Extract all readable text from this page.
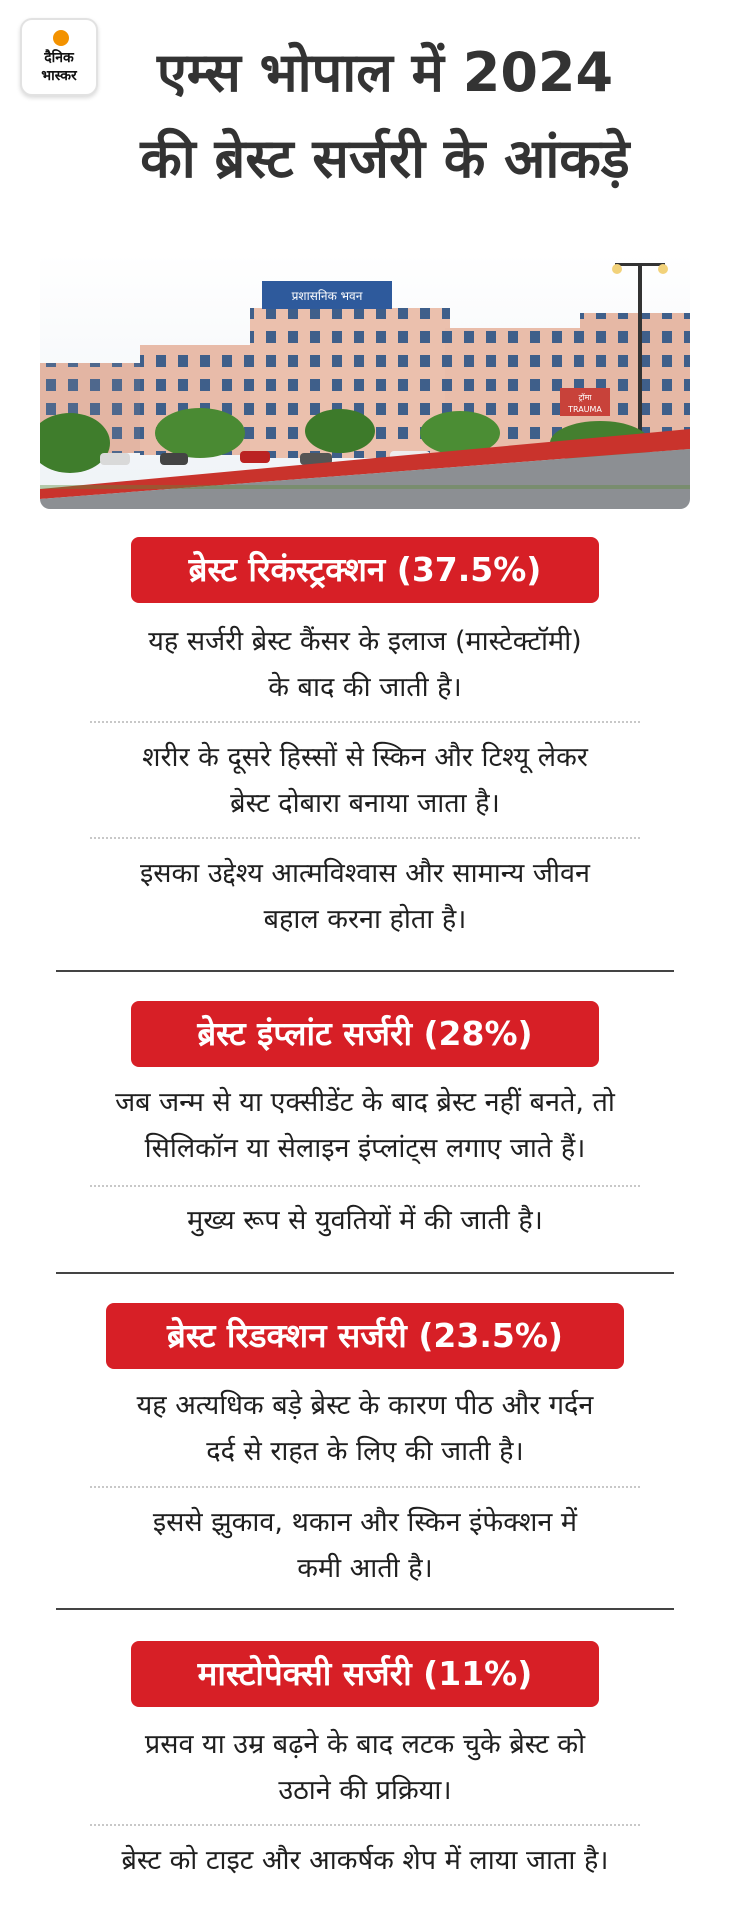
दैनिक
भास्कर	एम्स भोपाल में 2024
की ब्रेस्ट सर्जरी के आंकड़े
प्रशासनिक भवन
ट्रॉमा
TRAUMA
ब्रेस्ट रिकंस्ट्रक्शन (37.5%)
यह सर्जरी ब्रेस्ट कैंसर के इलाज (मास्टेक्टॉमी)
के बाद की जाती है।
शरीर के दूसरे हिस्सों से स्किन और टिश्यू लेकर
ब्रेस्ट दोबारा बनाया जाता है।
इसका उद्देश्य आत्मविश्वास और सामान्य जीवन
बहाल करना होता है।
ब्रेस्ट इंप्लांट सर्जरी (28%)
जब जन्म से या एक्सीडेंट के बाद ब्रेस्ट नहीं बनते, तो
सिलिकॉन या सेलाइन इंप्लांट्स लगाए जाते हैं।
मुख्य रूप से युवतियों में की जाती है।
ब्रेस्ट रिडक्शन सर्जरी (23.5%)
यह अत्यधिक बड़े ब्रेस्ट के कारण पीठ और गर्दन
दर्द से राहत के लिए की जाती है।
इससे झुकाव, थकान और स्किन इंफेक्शन में
कमी आती है।
मास्टोपेक्सी सर्जरी (11%)
प्रसव या उम्र बढ़ने के बाद लटक चुके ब्रेस्ट को
उठाने की प्रक्रिया।
ब्रेस्ट को टाइट और आकर्षक शेप में लाया जाता है।
